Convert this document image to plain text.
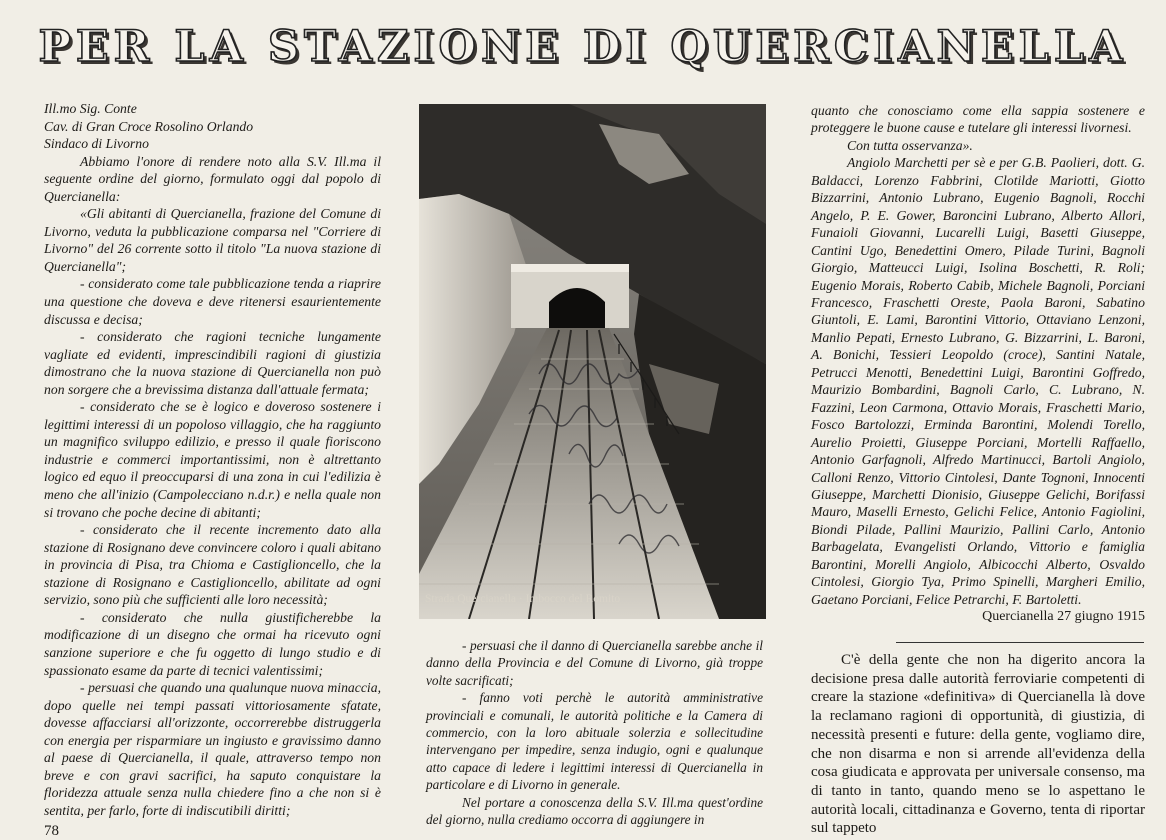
PER LA STAZIONE DI QUERCIANELLA

Ill.mo Sig. Conte

Cav. di Gran Croce Rosolino Orlando

Sindaco di Livorno

Abbiamo l'onore di rendere noto alla S.V. Ill.ma il seguente ordine del giorno, formulato oggi dal popolo di Quercianella:

«Gli abitanti di Quercianella, frazione del Comune di Livorno, veduta la pubblicazione comparsa nel "Corriere di Livorno" del 26 corrente sotto il titolo "La nuova stazione di Quercianella";

- considerato come tale pubblicazione tenda a riaprire una questione che doveva e deve ritenersi esaurientemente discussa e decisa;

- considerato che ragioni tecniche lungamente vagliate ed evidenti, imprescindibili ragioni di giustizia dimostrano che la nuova stazione di Quercianella non può non sorgere che a brevissima distanza dall'attuale fermata;

- considerato che se è logico e doveroso sostenere i legittimi interessi di un popoloso villaggio, che ha raggiunto un magnifico sviluppo edilizio, e presso il quale fioriscono industrie e commerci importantissimi, non è altrettanto logico ed equo il preoccuparsi di una zona in cui l'edilizia è meno che all'inizio (Campolecciano n.d.r.) e nella quale non si trovano che poche decine di abitanti;

- considerato che il recente incremento dato alla stazione di Rosignano deve convincere coloro i quali abitano in provincia di Pisa, tra Chioma e Castiglioncello, che la stazione di Rosignano e Castiglioncello, abilitate ad ogni servizio, sono più che sufficienti alle loro necessità;

- considerato che nulla giustificherebbe la modificazione di un disegno che ormai ha ricevuto ogni sanzione superiore e che fu oggetto di lungo studio e di spassionato esame da parte di tecnici valentissimi;

- persuasi che quando una qualunque nuova minaccia, dopo quelle nei tempi passati vittoriosamente sfatate, dovesse affacciarsi all'orizzonte, occorrerebbe distruggerla con energia per risparmiare un ingiusto e gravissimo danno al paese di Quercianella, il quale, attraverso tempo non breve e con gravi sacrifici, ha saputo conquistare la floridezza attuale senza nulla chiedere fino a che non si è sentita, per farlo, forte di indiscutibili diritti;

Strada Quercianella · Imbocco del Romito

- persuasi che il danno di Quercianella sarebbe anche il danno della Provincia e del Comune di Livorno, già troppe volte sacrificati;

- fanno voti perchè le autorità amministrative provinciali e comunali, le autorità politiche e la Camera di commercio, con la loro abituale solerzia e sollecitudine intervengano per impedire, senza indugio, ogni e qualunque atto capace di ledere i legittimi interessi di Quercianella in particolare e di Livorno in generale.

Nel portare a conoscenza della S.V. Ill.ma quest'ordine del giorno, nulla crediamo occorra di aggiungere in

quanto che conosciamo come ella sappia sostenere e proteggere le buone cause e tutelare gli interessi livornesi.

Con tutta osservanza».

Angiolo Marchetti per sè e per G.B. Paolieri, dott. G. Baldacci, Lorenzo Fabbrini, Clotilde Mariotti, Giotto Bizzarrini, Antonio Lubrano, Eugenio Bagnoli, Rocchi Angelo, P. E. Gower, Baroncini Lubrano, Alberto Allori, Funaioli Giovanni, Lucarelli Luigi, Basetti Giuseppe, Cantini Ugo, Benedettini Omero, Pilade Turini, Bagnoli Giorgio, Matteucci Luigi, Isolina Boschetti, R. Roli; Eugenio Morais, Roberto Cabib, Michele Bagnoli, Porciani Francesco, Fraschetti Oreste, Paola Baroni, Sabatino Giuntoli, E. Lami, Barontini Vittorio, Ottaviano Lenzoni, Manlio Pepati, Ernesto Lubrano, G. Bizzarrini, L. Baroni, A. Bonichi, Tessieri Leopoldo (croce), Santini Natale, Petrucci Menotti, Benedettini Luigi, Barontini Goffredo, Maurizio Bombardini, Bagnoli Carlo, C. Lubrano, N. Fazzini, Leon Carmona, Ottavio Morais, Fraschetti Mario, Fosco Bartolozzi, Erminda Barontini, Molendi Torello, Aurelio Proietti, Giuseppe Porciani, Mortelli Raffaello, Antonio Garfagnoli, Alfredo Martinucci, Bartoli Angiolo, Calloni Renzo, Vittorio Cintolesi, Dante Tognoni, Innocenti Giuseppe, Marchetti Dionisio, Giuseppe Gelichi, Borifassi Mauro, Maselli Ernesto, Gelichi Felice, Antonio Fagiolini, Biondi Pilade, Pallini Maurizio, Pallini Carlo, Antonio Barbagelata, Evangelisti Orlando, Vittorio e famiglia Barontini, Morelli Angiolo, Albicocchi Alberto, Osvaldo Cintolesi, Giorgio Tya, Primo Spinelli, Margheri Emilio, Gaetano Porciani, Felice Petrarchi, F. Bartoletti.

Quercianella 27 giugno 1915

C'è della gente che non ha digerito ancora la decisione presa dalle autorità ferroviarie competenti di creare la stazione «definitiva» di Quercianella là dove la reclamano ragioni di opportunità, di giustizia, di necessità presenti e future: della gente, vogliamo dire, che non disarma e non si arrende all'evidenza della cosa giudicata e approvata per universale consenso, ma di tanto in tanto, quando meno se lo aspettano le autorità locali, cittadinanza e Governo, tenta di riportar sul tappeto

78
